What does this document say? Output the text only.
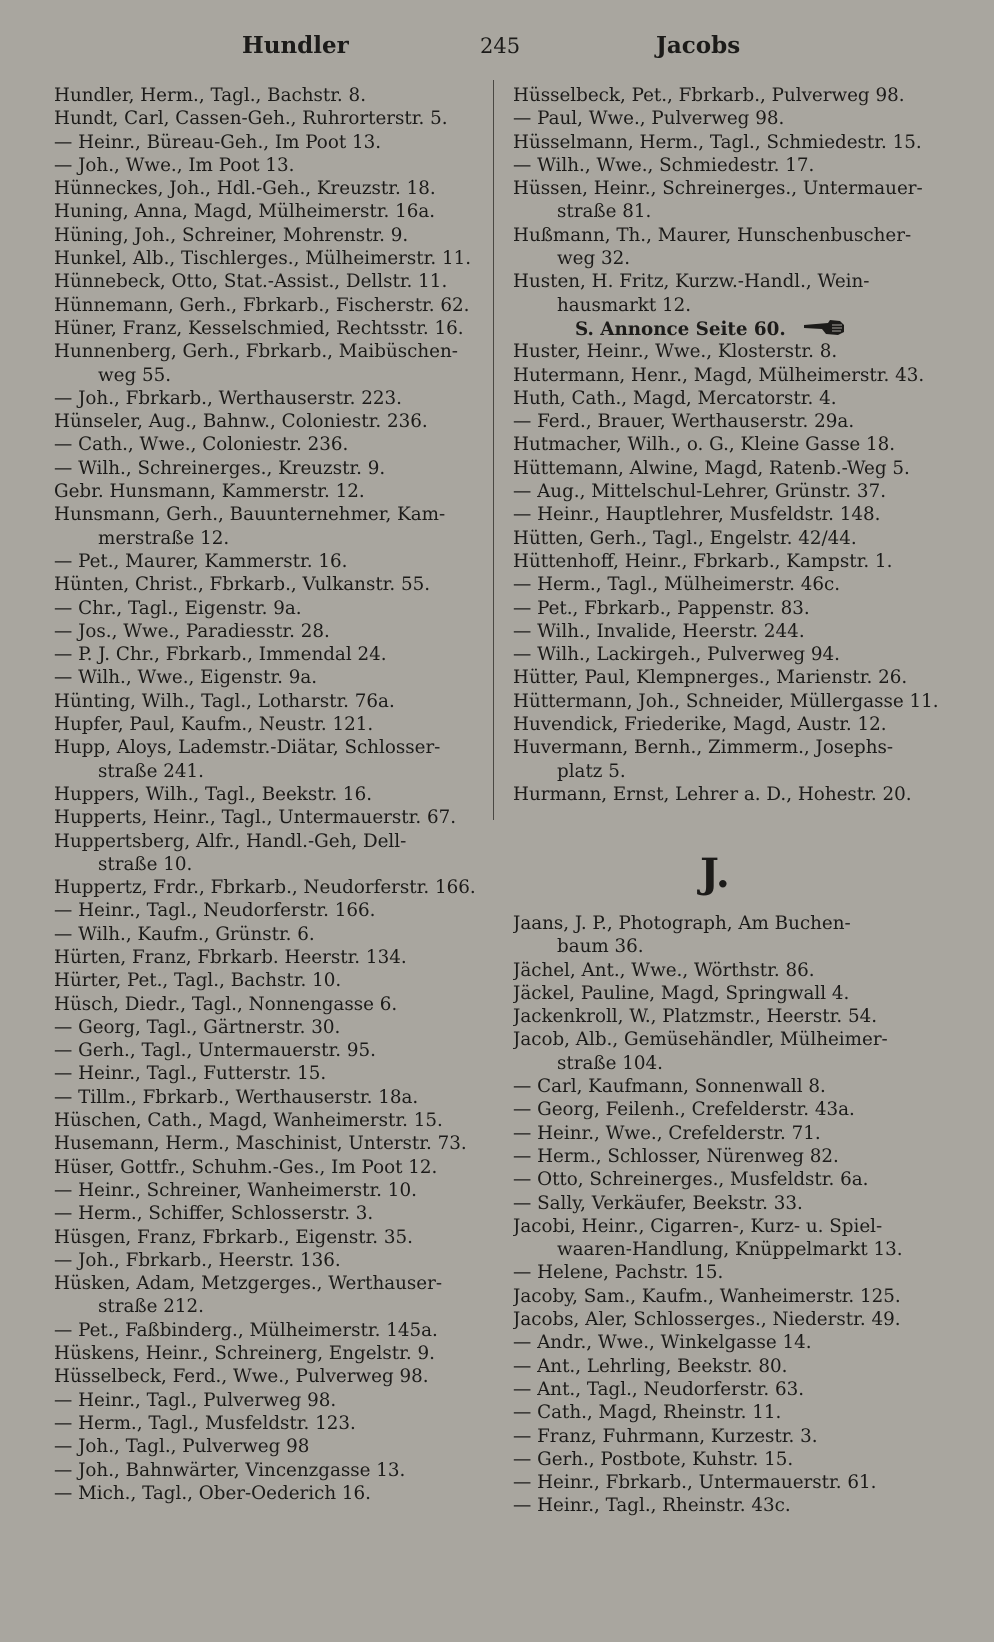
Hundler	245	Jacobs
Hundler, Herm., Tagl., Bachstr. 8.
Hundt, Carl, Cassen-Geh., Ruhrorterstr. 5.
— Heinr., Büreau-Geh., Im Poot 13.
— Joh., Wwe., Im Poot 13.
Hünneckes, Joh., Hdl.-Geh., Kreuzstr. 18.
Huning, Anna, Magd, Mülheimerstr. 16a.
Hüning, Joh., Schreiner, Mohrenstr. 9.
Hunkel, Alb., Tischlerges., Mülheimerstr. 11.
Hünnebeck, Otto, Stat.-Assist., Dellstr. 11.
Hünnemann, Gerh., Fbrkarb., Fischerstr. 62.
Hüner, Franz, Kesselschmied, Rechtsstr. 16.
Hunnenberg, Gerh., Fbrkarb., Maibüschen-
weg 55.
— Joh., Fbrkarb., Werthauserstr. 223.
Hünseler, Aug., Bahnw., Coloniestr. 236.
— Cath., Wwe., Coloniestr. 236.
— Wilh., Schreinerges., Kreuzstr. 9.
Gebr. Hunsmann, Kammerstr. 12.
Hunsmann, Gerh., Bauunternehmer, Kam-
merstraße 12.
— Pet., Maurer, Kammerstr. 16.
Hünten, Christ., Fbrkarb., Vulkanstr. 55.
— Chr., Tagl., Eigenstr. 9a.
— Jos., Wwe., Paradiesstr. 28.
— P. J. Chr., Fbrkarb., Immendal 24.
— Wilh., Wwe., Eigenstr. 9a.
Hünting, Wilh., Tagl., Lotharstr. 76a.
Hupfer, Paul, Kaufm., Neustr. 121.
Hupp, Aloys, Lademstr.-Diätar, Schlosser-
straße 241.
Huppers, Wilh., Tagl., Beekstr. 16.
Hupperts, Heinr., Tagl., Untermauerstr. 67.
Huppertsberg, Alfr., Handl.-Geh, Dell-
straße 10.
Huppertz, Frdr., Fbrkarb., Neudorferstr. 166.
— Heinr., Tagl., Neudorferstr. 166.
— Wilh., Kaufm., Grünstr. 6.
Hürten, Franz, Fbrkarb. Heerstr. 134.
Hürter, Pet., Tagl., Bachstr. 10.
Hüsch, Diedr., Tagl., Nonnengasse 6.
— Georg, Tagl., Gärtnerstr. 30.
— Gerh., Tagl., Untermauerstr. 95.
— Heinr., Tagl., Futterstr. 15.
— Tillm., Fbrkarb., Werthauserstr. 18a.
Hüschen, Cath., Magd, Wanheimerstr. 15.
Husemann, Herm., Maschinist, Unterstr. 73.
Hüser, Gottfr., Schuhm.-Ges., Im Poot 12.
— Heinr., Schreiner, Wanheimerstr. 10.
— Herm., Schiffer, Schlosserstr. 3.
Hüsgen, Franz, Fbrkarb., Eigenstr. 35.
— Joh., Fbrkarb., Heerstr. 136.
Hüsken, Adam, Metzgerges., Werthauser-
straße 212.
— Pet., Faßbinderg., Mülheimerstr. 145a.
Hüskens, Heinr., Schreinerg, Engelstr. 9.
Hüsselbeck, Ferd., Wwe., Pulverweg 98.
— Heinr., Tagl., Pulverweg 98.
— Herm., Tagl., Musfeldstr. 123.
— Joh., Tagl., Pulverweg 98
— Joh., Bahnwärter, Vincenzgasse 13.
— Mich., Tagl., Ober-Oederich 16.
Hüsselbeck, Pet., Fbrkarb., Pulverweg 98.
— Paul, Wwe., Pulverweg 98.
Hüsselmann, Herm., Tagl., Schmiedestr. 15.
— Wilh., Wwe., Schmiedestr. 17.
Hüssen, Heinr., Schreinerges., Untermauer-
straße 81.
Hußmann, Th., Maurer, Hunschenbuscher-
weg 32.
Husten, H. Fritz, Kurzw.-Handl., Wein-
hausmarkt 12.
S. Annonce Seite 60.
Huster, Heinr., Wwe., Klosterstr. 8.
Hutermann, Henr., Magd, Mülheimerstr. 43.
Huth, Cath., Magd, Mercatorstr. 4.
— Ferd., Brauer, Werthauserstr. 29a.
Hutmacher, Wilh., o. G., Kleine Gasse 18.
Hüttemann, Alwine, Magd, Ratenb.-Weg 5.
— Aug., Mittelschul-Lehrer, Grünstr. 37.
— Heinr., Hauptlehrer, Musfeldstr. 148.
Hütten, Gerh., Tagl., Engelstr. 42/44.
Hüttenhoff, Heinr., Fbrkarb., Kampstr. 1.
— Herm., Tagl., Mülheimerstr. 46c.
— Pet., Fbrkarb., Pappenstr. 83.
— Wilh., Invalide, Heerstr. 244.
— Wilh., Lackirgeh., Pulverweg 94.
Hütter, Paul, Klempnerges., Marienstr. 26.
Hüttermann, Joh., Schneider, Müllergasse 11.
Huvendick, Friederike, Magd, Austr. 12.
Huvermann, Bernh., Zimmerm., Josephs-
platz 5.
Hurmann, Ernst, Lehrer a. D., Hohestr. 20.
J.
Jaans, J. P., Photograph, Am Buchen-
baum 36.
Jächel, Ant., Wwe., Wörthstr. 86.
Jäckel, Pauline, Magd, Springwall 4.
Jackenkroll, W., Platzmstr., Heerstr. 54.
Jacob, Alb., Gemüsehändler, Mülheimer-
straße 104.
— Carl, Kaufmann, Sonnenwall 8.
— Georg, Feilenh., Crefelderstr. 43a.
— Heinr., Wwe., Crefelderstr. 71.
— Herm., Schlosser, Nürenweg 82.
— Otto, Schreinerges., Musfeldstr. 6a.
— Sally, Verkäufer, Beekstr. 33.
Jacobi, Heinr., Cigarren-, Kurz- u. Spiel-
waaren-Handlung, Knüppelmarkt 13.
— Helene, Pachstr. 15.
Jacoby, Sam., Kaufm., Wanheimerstr. 125.
Jacobs, Aler, Schlosserges., Niederstr. 49.
— Andr., Wwe., Winkelgasse 14.
— Ant., Lehrling, Beekstr. 80.
— Ant., Tagl., Neudorferstr. 63.
— Cath., Magd, Rheinstr. 11.
— Franz, Fuhrmann, Kurzestr. 3.
— Gerh., Postbote, Kuhstr. 15.
— Heinr., Fbrkarb., Untermauerstr. 61.
— Heinr., Tagl., Rheinstr. 43c.
